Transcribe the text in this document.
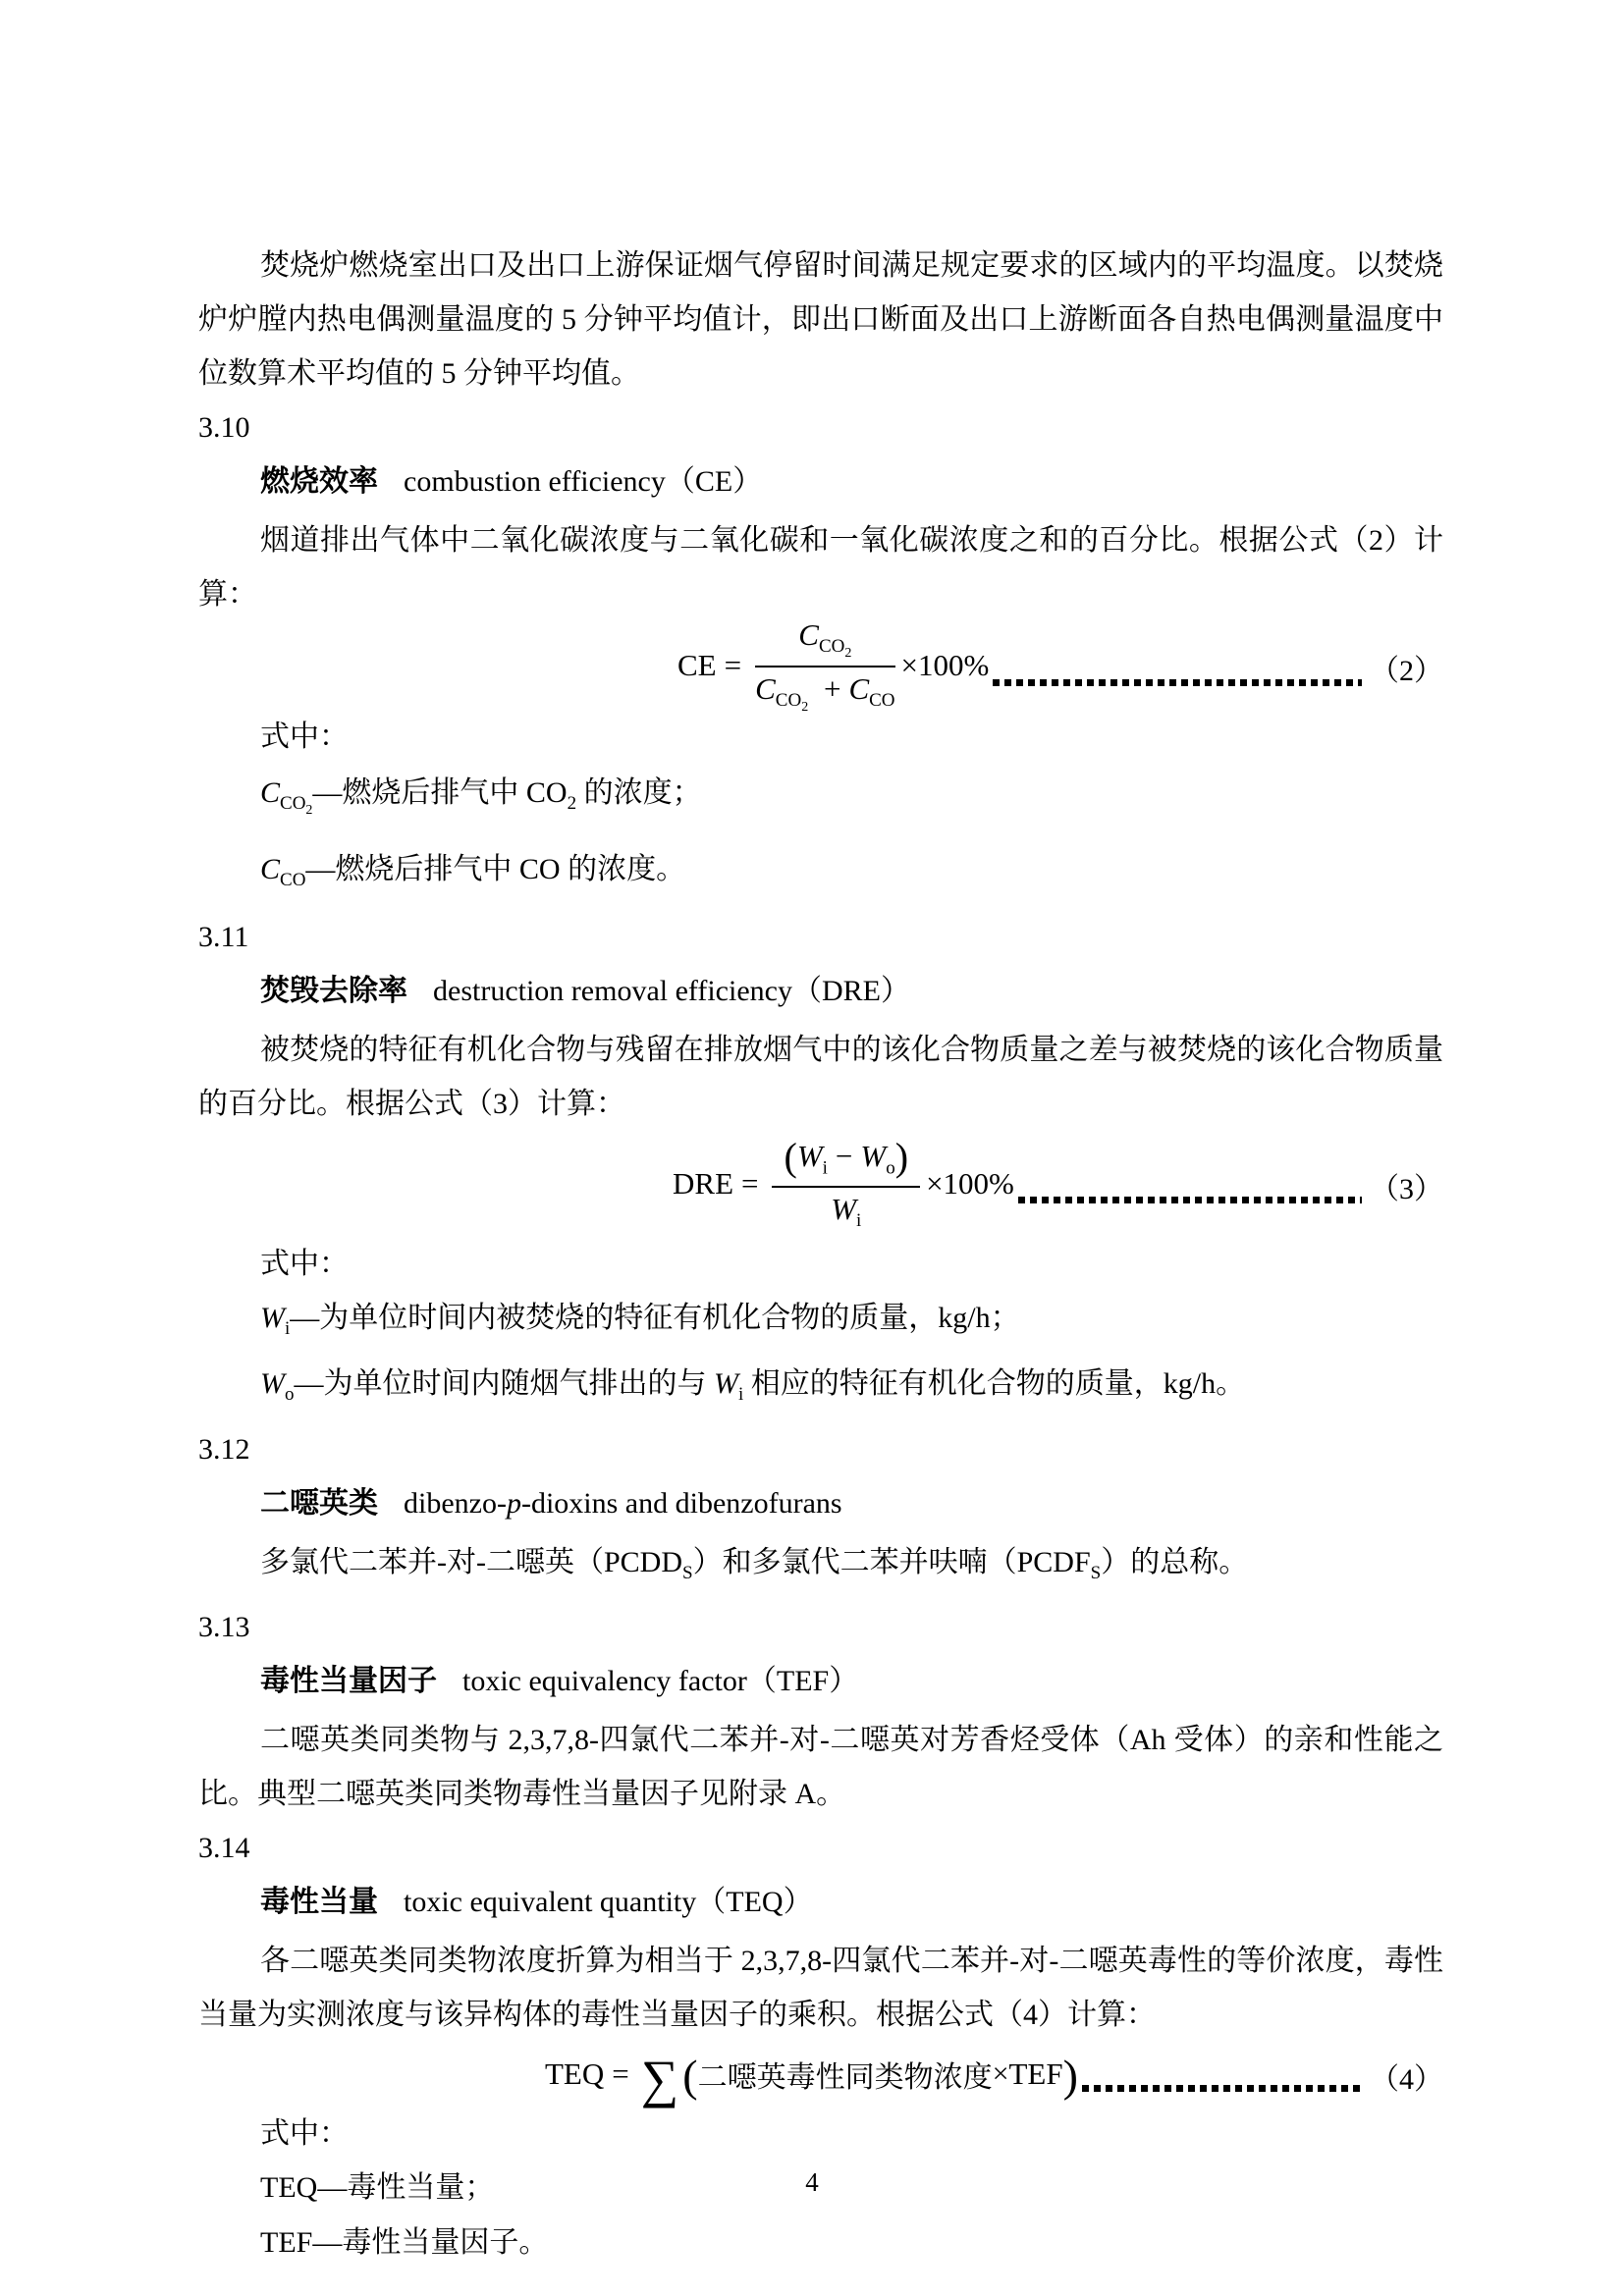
焚烧炉燃烧室出口及出口上游保证烟气停留时间满足规定要求的区域内的平均温度。以焚烧炉炉膛内热电偶测量温度的 5 分钟平均值计，即出口断面及出口上游断面各自热电偶测量温度中位数算术平均值的 5 分钟平均值。
3.10
燃烧效率 combustion efficiency（CE）
烟道排出气体中二氧化碳浓度与二氧化碳和一氧化碳浓度之和的百分比。根据公式（2）计算：
CE = $\frac{C_{CO_2}}{C_{CO_2} + C_{CO}} \times 100\%$	（2）
式中：
$C_{CO_2}—$燃烧后排气中 $CO_2$ 的浓度；
$C_{CO}—$燃烧后排气中 CO 的浓度。
3.11
焚毁去除率 destruction removal efficiency（DRE）
被焚烧的特征有机化合物与残留在排放烟气中的该化合物质量之差与被焚烧的该化合物质量的百分比。根据公式（3）计算：
DRE = $\frac{(W_i - W_o)}{W_i} \times 100\%$	（3）
式中：
$W_i—$为单位时间内被焚烧的特征有机化合物的质量，kg/h；
$W_o—$为单位时间内随烟气排出的与 $W_i$ 相应的特征有机化合物的质量，kg/h。
3.12
二噁英类 dibenzo-p-dioxins and dibenzofurans
多氯代二苯并-对-二噁英$(PCDD_S)$和多氯代二苯并呋喃$(PCDF_S)$的总称。
3.13
毒性当量因子 toxic equivalency factor（TEF）
二噁英类同类物与 2,3,7,8-四氯代二苯并-对-二噁英对芳香烃受体（Ah 受体）的亲和性能之比。典型二噁英类同类物毒性当量因子见附录 A。
3.14
毒性当量 toxic equivalent quantity（TEQ）
各二噁英类同类物浓度折算为相当于 2,3,7,8-四氯代二苯并-对-二噁英毒性的等价浓度，毒性当量为实测浓度与该异构体的毒性当量因子的乘积。根据公式（4）计算：
TEQ = ∑ ( 二噁英毒性同类物浓度 × TEF )	（4）
式中：
TEQ—毒性当量；
TEF—毒性当量因子。
4
